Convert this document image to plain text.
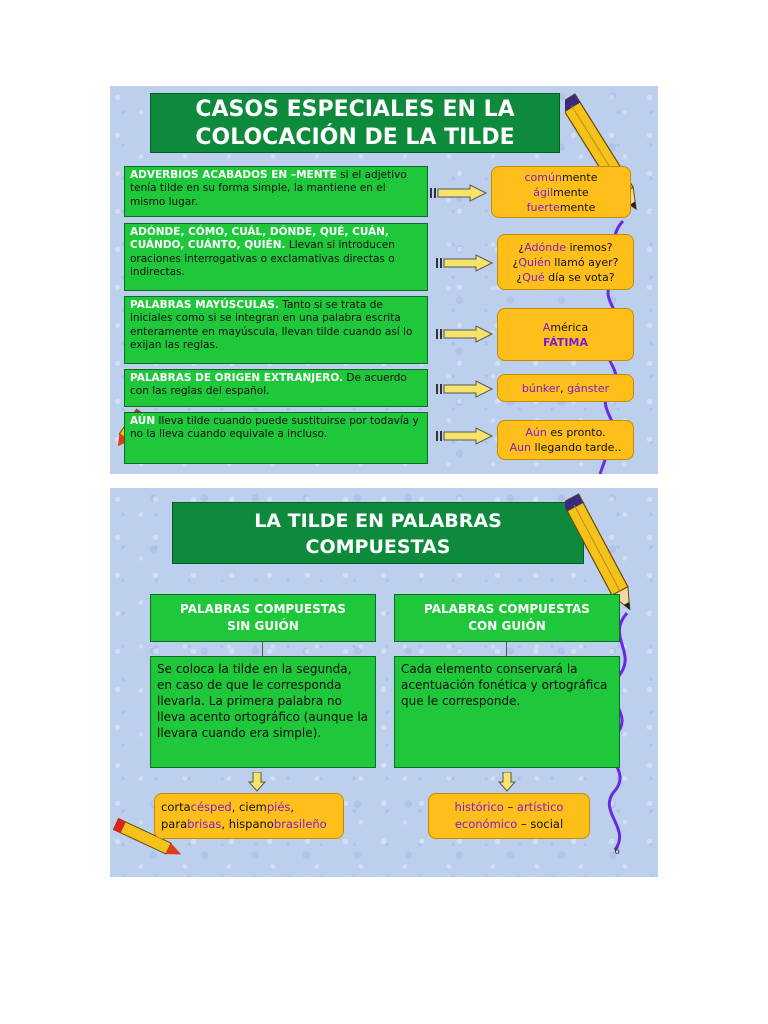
CASOS ESPECIALES EN LA
COLOCACIÓN DE LA TILDE
ADVERBIOS ACABADOS EN –MENTE si el adjetivo tenía tilde en su forma simple, la mantiene en el mismo lugar.
ADÓNDE, CÓMO, CUÁL, DÓNDE, QUÉ, CUÁN, CUÁNDO, CUÁNTO, QUIÉN. Llevan si introducen oraciones interrogativas o exclamativas directas o indirectas.
PALABRAS MAYÚSCULAS. Tanto si se trata de iniciales como si se integran en una palabra escrita enteramente en mayúscula, llevan tilde cuando así lo exijan las reglas.
PALABRAS DE ORIGEN EXTRANJERO. De acuerdo con las reglas del español.
AÚN lleva tilde cuando puede sustituirse por todavía y no la lleva cuando equivale a incluso.
comúnmente
ágilmente
fuertemente
¿Adónde iremos?
¿Quién llamó ayer?
¿Qué día se vota?
América
FÁTIMA
búnker, gánster
Aún es pronto.
Aun llegando tarde..
LA TILDE EN PALABRAS
COMPUESTAS
PALABRAS COMPUESTAS
SIN GUIÓN
PALABRAS COMPUESTAS
CON GUIÓN
Se coloca la tilde en la segunda, en caso de que le corresponda llevarla. La primera palabra no lleva acento ortográfico (aunque la llevara cuando era simple).
Cada elemento conservará la acentuación fonética y ortográfica que le corresponde.
cortacésped, ciempiés,
parabrisas, hispanobrasileño
histórico – artístico
económico – social
6
